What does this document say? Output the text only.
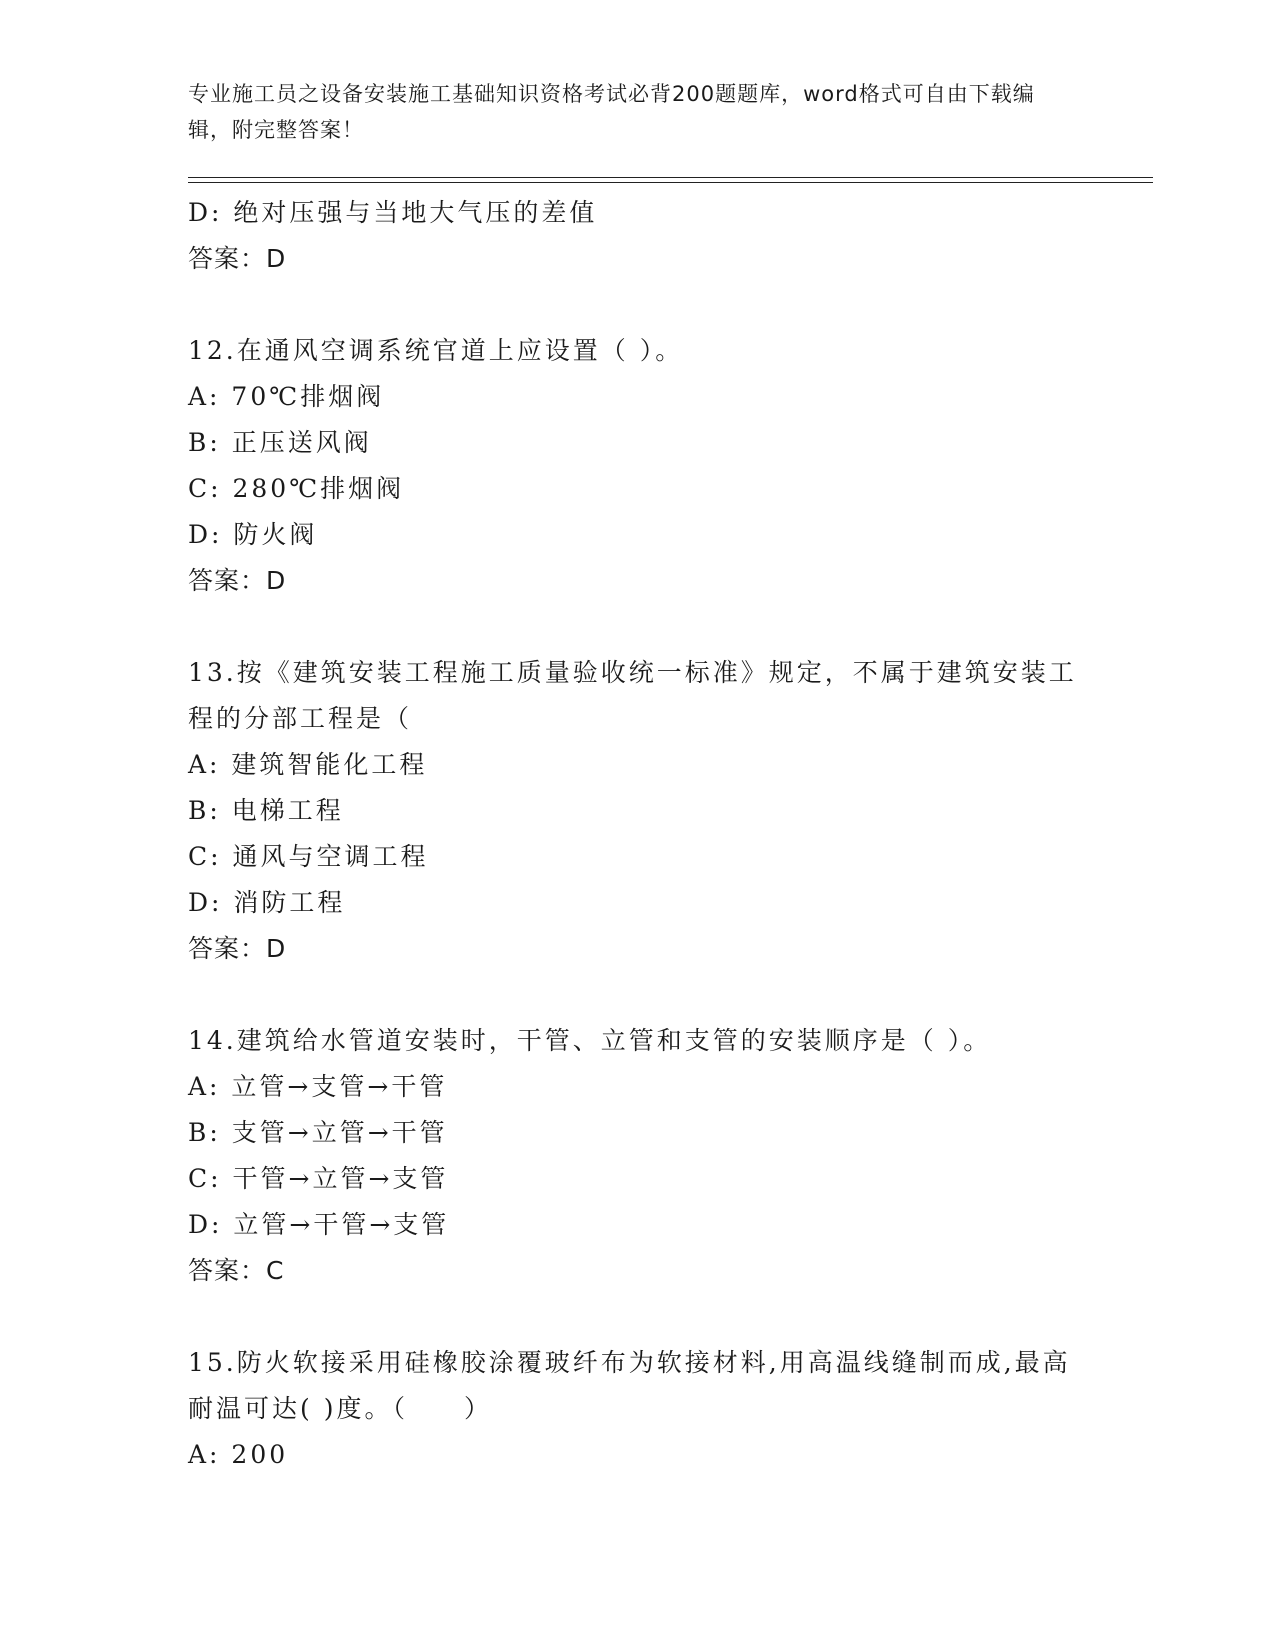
专业施工员之设备安装施工基础知识资格考试必背200题题库，word格式可自由下载编辑，附完整答案！
D: 绝对压强与当地大气压的差值
答案：D
12.在通风空调系统官道上应设置（ ）。
A: 70℃排烟阀
B: 正压送风阀
C: 280℃排烟阀
D: 防火阀
答案：D
13.按《建筑安装工程施工质量验收统一标准》规定，不属于建筑安装工程的分部工程是（
A: 建筑智能化工程
B: 电梯工程
C: 通风与空调工程
D: 消防工程
答案：D
14.建筑给水管道安装时，干管、立管和支管的安装顺序是（ ）。
A: 立管→支管→干管
B: 支管→立管→干管
C: 干管→立管→支管
D: 立管→干管→支管
答案：C
15.防火软接采用硅橡胶涂覆玻纤布为软接材料,用高温线缝制而成,最高耐温可达( )度。（　　）
A: 200
